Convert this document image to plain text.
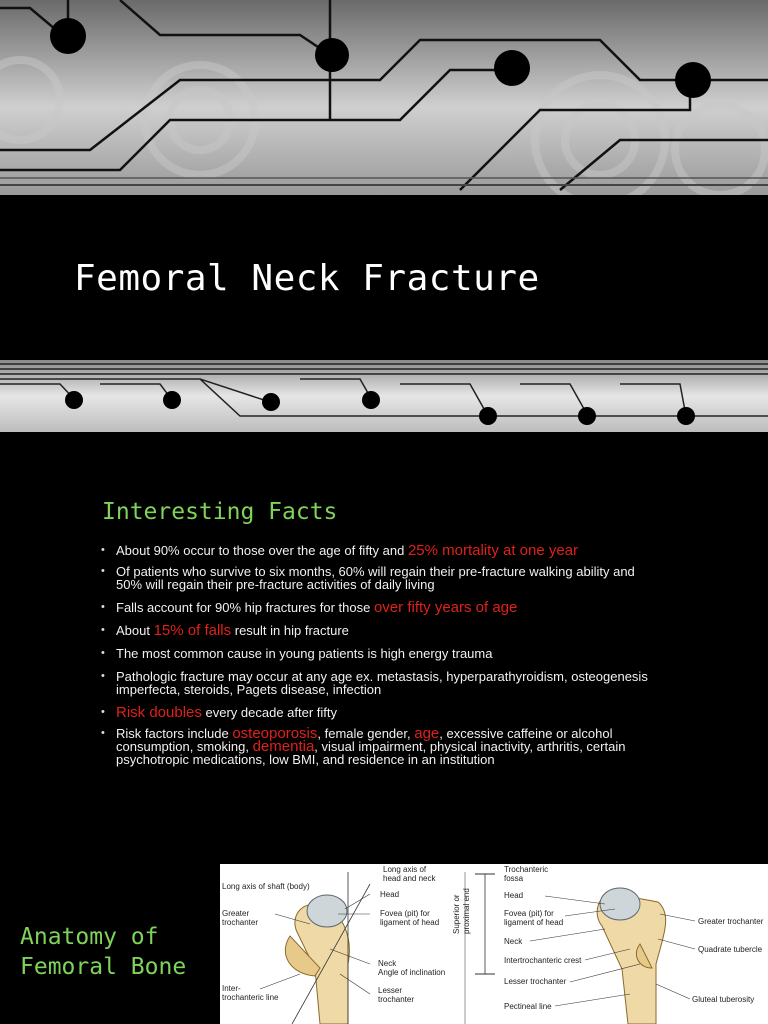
Femoral Neck Fracture
Interesting Facts
• About 90% occur to those over the age of fifty and 25% mortality at one year
• Of patients who survive to six months, 60% will regain their pre-fracture walking ability and 50% will regain their pre-fracture activities of daily living
• Falls account for 90% hip fractures for those over fifty years of age
• About 15% of falls result in hip fracture
• The most common cause in young patients is high energy trauma
• Pathologic fracture may occur at any age ex. metastasis, hyperparathyroidism, osteogenesis imperfecta, steroids, Pagets disease, infection
• Risk doubles every decade after fifty
• Risk factors include osteoporosis, female gender, age, excessive caffeine or alcohol consumption, smoking, dementia, visual impairment, physical inactivity, arthritis, certain psychotropic medications, low BMI, and residence in an institution
Anatomy of Femoral Bone
Long axis of shaft (body)
Long axis of
head and neck
Head
Greater
trochanter
Fovea (pit) for
ligament of head
Neck
Angle of inclination
Inter-
trochanteric line
Lesser
trochanter
Superior or proximal end
Trochanteric
fossa
Head
Fovea (pit) for
ligament of head
Neck
Intertrochanteric crest
Lesser trochanter
Pectineal line
Greater trochanter
Quadrate tubercle
Gluteal tuberosity
